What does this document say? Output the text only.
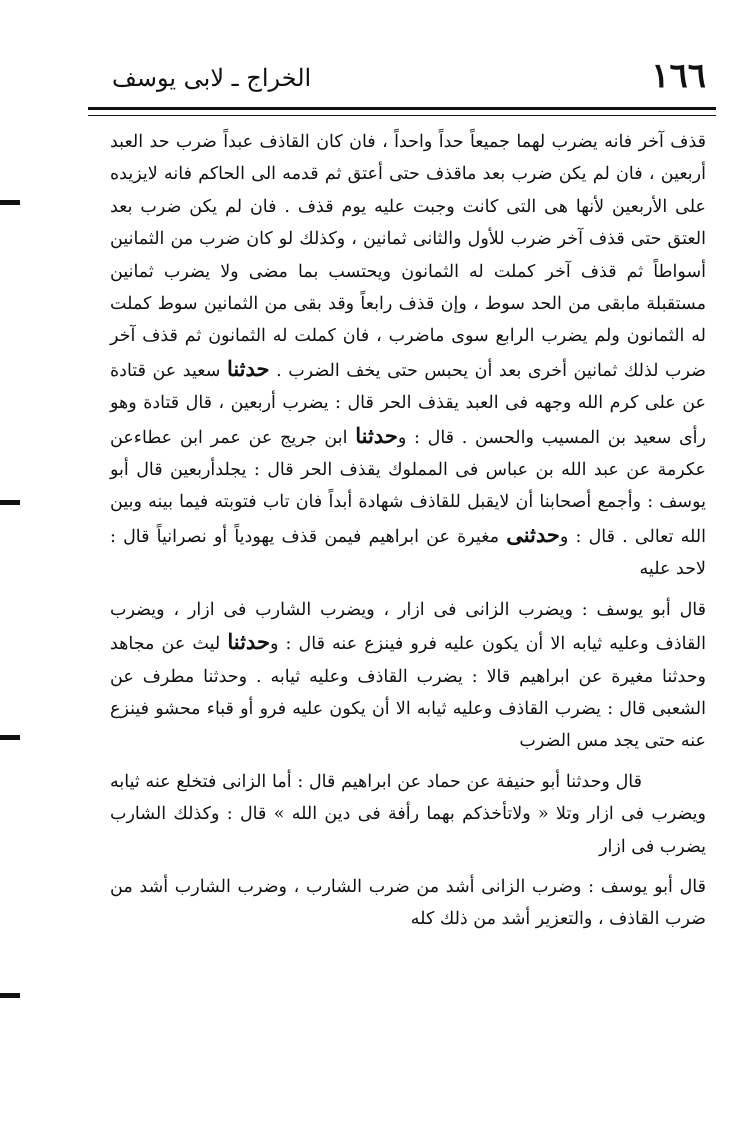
١٦٦
الخراج ـ لابى يوسف

قذف آخر فانه يضرب لهما جميعاً حداً واحداً ، فان كان القاذف عبداً ضرب حد العبد أربعين ، فان لم يكن ضرب بعد ماقذف حتى أعتق ثم قدمه الى الحاكم فانه لايزيده على الأربعين لأنها هى التى كانت وجبت عليه يوم قذف . فان لم يكن ضرب بعد العتق حتى قذف آخر ضرب للأول والثانى ثمانين ، وكذلك لو كان ضرب من الثمانين أسواطاً ثم قذف آخر كملت له الثمانون ويحتسب بما مضى ولا يضرب ثمانين مستقبلة مابقى من الحد سوط ، وإن قذف رابعاً وقد بقى من الثمانين سوط كملت له الثمانون ولم يضرب الرابع سوى ماضرب ، فان كملت له الثمانون ثم قذف آخر ضرب لذلك ثمانين أخرى بعد أن يحبس حتى يخف الضرب . حدثنا سعيد عن قتادة عن على كرم الله وجهه فى العبد يقذف الحر قال : يضرب أربعين ، قال قتادة وهو رأى سعيد بن المسيب والحسن . قال : وحدثنا ابن جريج عن عمر ابن عطاءعن عكرمة عن عبد الله بن عباس فى المملوك يقذف الحر قال : يجلدأربعين قال أبو يوسف : وأجمع أصحابنا أن لايقبل للقاذف شهادة أبداً فان تاب فتوبته فيما بينه وبين الله تعالى . قال : وحدثنى مغيرة عن ابراهيم فيمن قذف يهودياً أو نصرانياً قال : لاحد عليه

قال أبو يوسف : ويضرب الزانى فى ازار ، ويضرب الشارب فى ازار ، ويضرب القاذف وعليه ثيابه الا أن يكون عليه فرو فينزع عنه قال : وحدثنا ليث عن مجاهد وحدثنا مغيرة عن ابراهيم قالا : يضرب القاذف وعليه ثيابه . وحدثنا مطرف عن الشعبى قال : يضرب القاذف وعليه ثيابه الا أن يكون عليه فرو أو قباء محشو فينزع عنه حتى يجد مس الضرب

قال وحدثنا أبو حنيفة عن حماد عن ابراهيم قال : أما الزانى فتخلع عنه ثيابه ويضرب فى ازار وتلا « ولاتأخذكم بهما رأفة فى دين الله » قال : وكذلك الشارب يضرب فى ازار

قال أبو يوسف : وضرب الزانى أشد من ضرب الشارب ، وضرب الشارب أشد من ضرب القاذف ، والتعزير أشد من ذلك كله
